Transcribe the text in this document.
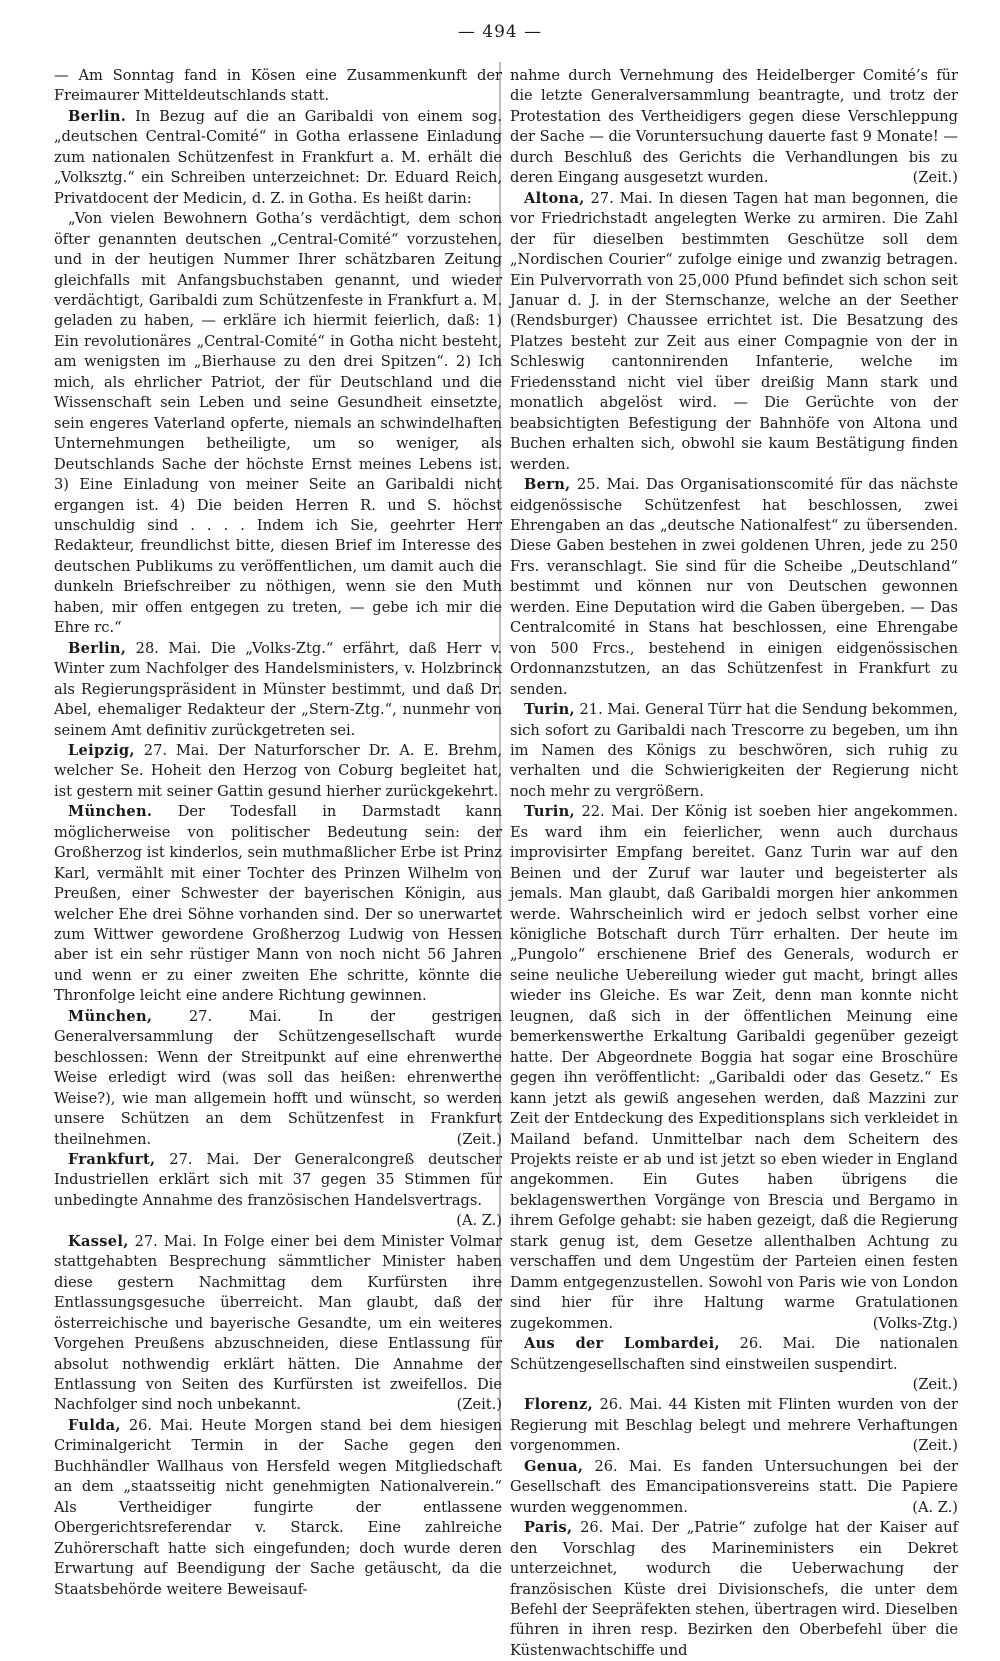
— 494 —

— Am Sonntag fand in Kösen eine Zusammenkunft der Freimaurer Mitteldeutschlands statt.

Berlin. In Bezug auf die an Garibaldi von einem sog. „deutschen Central-Comité“ in Gotha erlassene Einladung zum nationalen Schützenfest in Frankfurt a. M. erhält die „Volksztg.“ ein Schreiben unterzeichnet: Dr. Eduard Reich, Privatdocent der Medicin, d. Z. in Gotha. Es heißt darin:

„Von vielen Bewohnern Gotha’s verdächtigt, dem schon öfter genannten deutschen „Central-Comité“ vorzustehen, und in der heutigen Nummer Ihrer schätzbaren Zeitung gleichfalls mit Anfangsbuchstaben genannt, und wieder verdächtigt, Garibaldi zum Schützenfeste in Frankfurt a. M. geladen zu haben, — erkläre ich hiermit feierlich, daß: 1) Ein revolutionäres „Central-Comité“ in Gotha nicht besteht, am wenigsten im „Bierhause zu den drei Spitzen“. 2) Ich mich, als ehrlicher Patriot, der für Deutschland und die Wissenschaft sein Leben und seine Gesundheit einsetzte, sein engeres Vaterland opferte, niemals an schwindelhaften Unternehmungen betheiligte, um so weniger, als Deutschlands Sache der höchste Ernst meines Lebens ist. 3) Eine Einladung von meiner Seite an Garibaldi nicht ergangen ist. 4) Die beiden Herren R. und S. höchst unschuldig sind . . . . Indem ich Sie, geehrter Herr Redakteur, freundlichst bitte, diesen Brief im Interesse des deutschen Publikums zu veröffentlichen, um damit auch die dunkeln Briefschreiber zu nöthigen, wenn sie den Muth haben, mir offen entgegen zu treten, — gebe ich mir die Ehre rc.“

Berlin, 28. Mai. Die „Volks-Ztg.“ erfährt, daß Herr v. Winter zum Nachfolger des Handelsministers, v. Holzbrinck als Regierungspräsident in Münster bestimmt, und daß Dr. Abel, ehemaliger Redakteur der „Stern-Ztg.“, nunmehr von seinem Amt definitiv zurückgetreten sei.

Leipzig, 27. Mai. Der Naturforscher Dr. A. E. Brehm, welcher Se. Hoheit den Herzog von Coburg begleitet hat, ist gestern mit seiner Gattin gesund hierher zurückgekehrt.

München. Der Todesfall in Darmstadt kann möglicherweise von politischer Bedeutung sein: der Großherzog ist kinderlos, sein muthmaßlicher Erbe ist Prinz Karl, vermählt mit einer Tochter des Prinzen Wilhelm von Preußen, einer Schwester der bayerischen Königin, aus welcher Ehe drei Söhne vorhanden sind. Der so unerwartet zum Wittwer gewordene Großherzog Ludwig von Hessen aber ist ein sehr rüstiger Mann von noch nicht 56 Jahren und wenn er zu einer zweiten Ehe schritte, könnte die Thronfolge leicht eine andere Richtung gewinnen.

München,	27. Mai. In der gestrigen Generalversammlung der Schützengesellschaft wurde beschlossen: Wenn der Streitpunkt auf eine ehrenwerthe Weise erledigt wird (was soll das heißen: ehrenwerthe Weise?), wie man allgemein hofft und wünscht, so werden unsere Schützen an dem Schützenfest in Frankfurt theilnehmen.	(Zeit.)

Frankfurt, 27. Mai. Der Generalcongreß deutscher Industriellen erklärt sich mit 37 gegen 35 Stimmen für unbedingte Annahme des französischen Handelsvertrags.
(A. Z.)

Kassel, 27. Mai. In Folge einer bei dem Minister Volmar stattgehabten Besprechung sämmtlicher Minister haben diese gestern Nachmittag dem Kurfürsten ihre Entlassungsgesuche überreicht. Man glaubt, daß der österreichische und bayerische Gesandte, um ein weiteres Vorgehen Preußens abzuschneiden, diese Entlassung für absolut nothwendig erklärt hätten. Die Annahme der Entlassung von Seiten des Kurfürsten ist zweifellos. Die Nachfolger sind noch unbekannt.	(Zeit.)

Fulda, 26. Mai. Heute Morgen stand bei dem hiesigen Criminalgericht Termin in der Sache gegen den Buchhändler Wallhaus von Hersfeld wegen Mitgliedschaft an dem „staatsseitig nicht genehmigten Nationalverein.“ Als Vertheidiger fungirte der entlassene Obergerichtsreferendar v. Starck. Eine zahlreiche Zuhörerschaft hatte sich eingefunden; doch wurde deren Erwartung auf Beendigung der Sache getäuscht, da die Staatsbehörde weitere Beweisauf-

nahme durch Vernehmung des Heidelberger Comité’s für die letzte Generalversammlung beantragte, und trotz der Protestation des Vertheidigers gegen diese Verschleppung der Sache — die Voruntersuchung dauerte fast 9 Monate! — durch Beschluß des Gerichts die Verhandlungen bis zu deren Eingang ausgesetzt wurden.	(Zeit.)

Altona, 27. Mai. In diesen Tagen hat man begonnen, die vor Friedrichstadt angelegten Werke zu armiren. Die Zahl der für dieselben bestimmten Geschütze soll dem „Nordischen Courier“ zufolge einige und zwanzig betragen. Ein Pulvervorrath von 25,000 Pfund befindet sich schon seit Januar d. J. in der Sternschanze, welche an der Seether (Rendsburger) Chaussee errichtet ist. Die Besatzung des Platzes besteht zur Zeit aus einer Compagnie von der in Schleswig cantonnirenden Infanterie, welche im Friedensstand nicht viel über dreißig Mann stark und monatlich abgelöst wird. — Die Gerüchte von der beabsichtigten Befestigung der Bahnhöfe von Altona und Buchen erhalten sich, obwohl sie kaum Bestätigung finden werden.

Bern, 25. Mai. Das Organisationscomité für das nächste eidgenössische Schützenfest hat beschlossen, zwei Ehrengaben an das „deutsche Nationalfest“ zu übersenden. Diese Gaben bestehen in zwei goldenen Uhren, jede zu 250 Frs. veranschlagt. Sie sind für die Scheibe „Deutschland“ bestimmt und können nur von Deutschen gewonnen werden. Eine Deputation wird die Gaben übergeben. — Das Centralcomité in Stans hat beschlossen, eine Ehrengabe von 500 Frcs., bestehend in einigen eidgenössischen Ordonnanzstutzen, an das Schützenfest in Frankfurt zu senden.

Turin, 21. Mai. General Türr hat die Sendung bekommen, sich sofort zu Garibaldi nach Trescorre zu begeben, um ihn im Namen des Königs zu beschwören, sich ruhig zu verhalten und die Schwierigkeiten der Regierung nicht noch mehr zu vergrößern.

Turin, 22. Mai. Der König ist soeben hier angekommen. Es ward ihm ein feierlicher, wenn auch durchaus improvisirter Empfang bereitet. Ganz Turin war auf den Beinen und der Zuruf war lauter und begeisterter als jemals. Man glaubt, daß Garibaldi morgen hier ankommen werde. Wahrscheinlich wird er jedoch selbst vorher eine königliche Botschaft durch Türr erhalten. Der heute im „Pungolo“ erschienene Brief des Generals, wodurch er seine neuliche Uebereilung wieder gut macht, bringt alles wieder ins Gleiche. Es war Zeit, denn man konnte nicht leugnen, daß sich in der öffentlichen Meinung eine bemerkenswerthe Erkaltung Garibaldi gegenüber gezeigt hatte. Der Abgeordnete Boggia hat sogar eine Broschüre gegen ihn veröffentlicht: „Garibaldi oder das Gesetz.“ Es kann jetzt als gewiß angesehen werden, daß Mazzini zur Zeit der Entdeckung des Expeditionsplans sich verkleidet in Mailand befand. Unmittelbar nach dem Scheitern des Projekts reiste er ab und ist jetzt so eben wieder in England angekommen. Ein Gutes haben übrigens die beklagenswerthen Vorgänge von Brescia und Bergamo in ihrem Gefolge gehabt: sie haben gezeigt, daß die Regierung stark genug ist, dem Gesetze allenthalben Achtung zu verschaffen und dem Ungestüm der Parteien einen festen Damm entgegenzustellen. Sowohl von Paris wie von London sind hier für ihre Haltung warme Gratulationen zugekommen.	(Volks-Ztg.)

Aus der Lombardei, 26. Mai. Die nationalen Schützengesellschaften sind einstweilen suspendirt.
(Zeit.)

Florenz, 26. Mai. 44 Kisten mit Flinten wurden von der Regierung mit Beschlag belegt und mehrere Verhaftungen vorgenommen.	(Zeit.)

Genua, 26. Mai. Es fanden Untersuchungen bei der Gesellschaft des Emancipationsvereins statt. Die Papiere wurden weggenommen.	(A. Z.)

Paris, 26. Mai. Der „Patrie“ zufolge hat der Kaiser auf den Vorschlag des Marineministers ein Dekret unterzeichnet, wodurch die Ueberwachung der französischen Küste drei Divisionschefs, die unter dem Befehl der Seepräfekten stehen, übertragen wird. Dieselben führen in ihren resp. Bezirken den Oberbefehl über die Küstenwachtschiffe und
